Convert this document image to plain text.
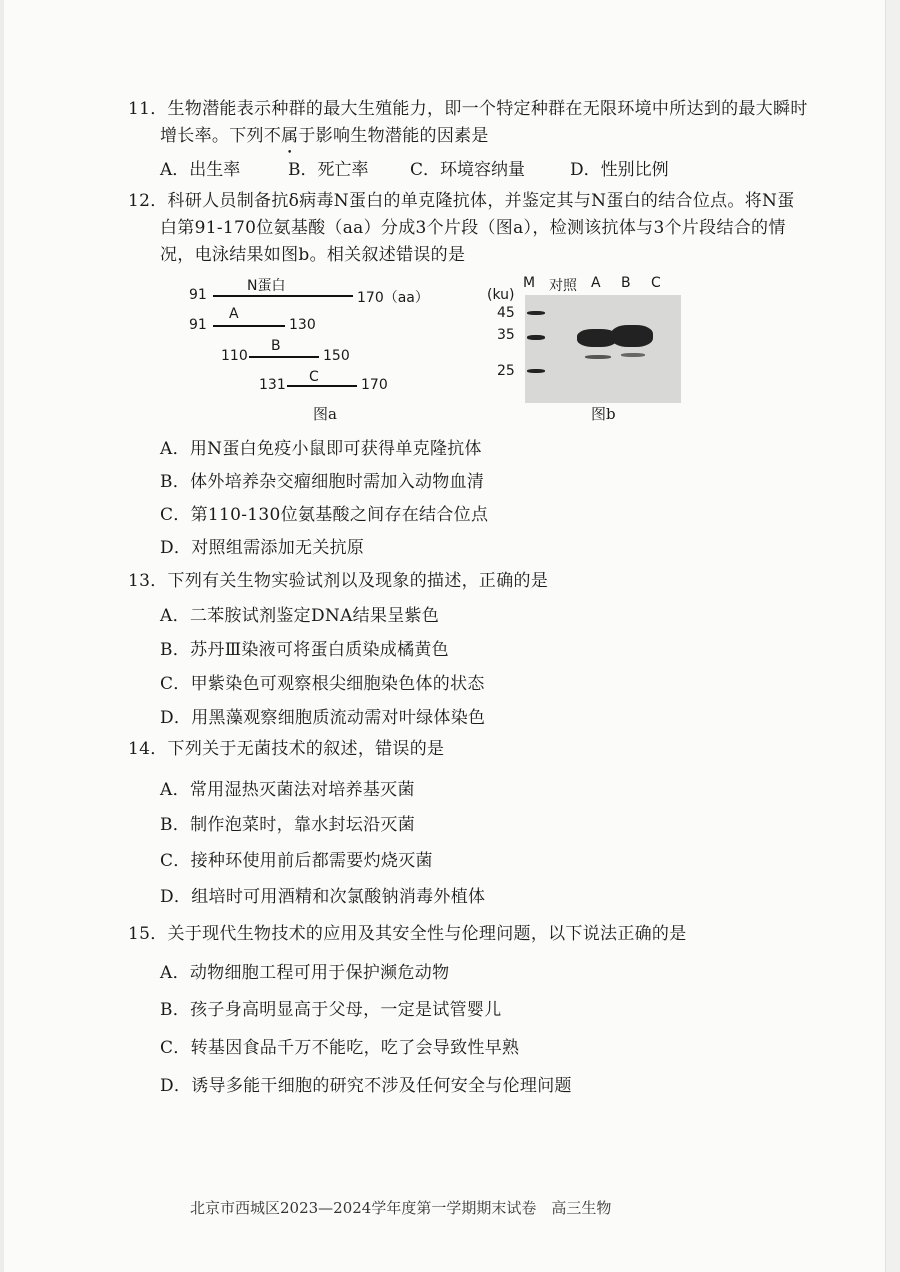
11．生物潜能表示种群的最大生殖能力，即一个特定种群在无限环境中所达到的最大瞬时
增长率。下列不属于影响生物潜能的因素是
A．出生率	B．死亡率 C．环境容纳量	D．性别比例
12．科研人员制备抗δ病毒N蛋白的单克隆抗体，并鉴定其与N蛋白的结合位点。将N蛋
白第91-170位氨基酸（aa）分成3个片段（图a），检测该抗体与3个片段结合的情
况，电泳结果如图b。相关叙述错误的是
N蛋白
91	170（aa）
A
91	130
B
110	150
C
131	170
图a
M 对照 A B C
(ku)
45
35
25
图b
A．用N蛋白免疫小鼠即可获得单克隆抗体
B．体外培养杂交瘤细胞时需加入动物血清
C．第110-130位氨基酸之间存在结合位点
D．对照组需添加无关抗原
13．下列有关生物实验试剂以及现象的描述，正确的是
A．二苯胺试剂鉴定DNA结果呈紫色
B．苏丹Ⅲ染液可将蛋白质染成橘黄色
C．甲紫染色可观察根尖细胞染色体的状态
D．用黑藻观察细胞质流动需对叶绿体染色
14．下列关于无菌技术的叙述，错误的是
A．常用湿热灭菌法对培养基灭菌
B．制作泡菜时，靠水封坛沿灭菌
C．接种环使用前后都需要灼烧灭菌
D．组培时可用酒精和次氯酸钠消毒外植体
15．关于现代生物技术的应用及其安全性与伦理问题，以下说法正确的是
A．动物细胞工程可用于保护濒危动物
B．孩子身高明显高于父母，一定是试管婴儿
C．转基因食品千万不能吃，吃了会导致性早熟
D．诱导多能干细胞的研究不涉及任何安全与伦理问题
北京市西城区2023—2024学年度第一学期期末试卷　高三生物
